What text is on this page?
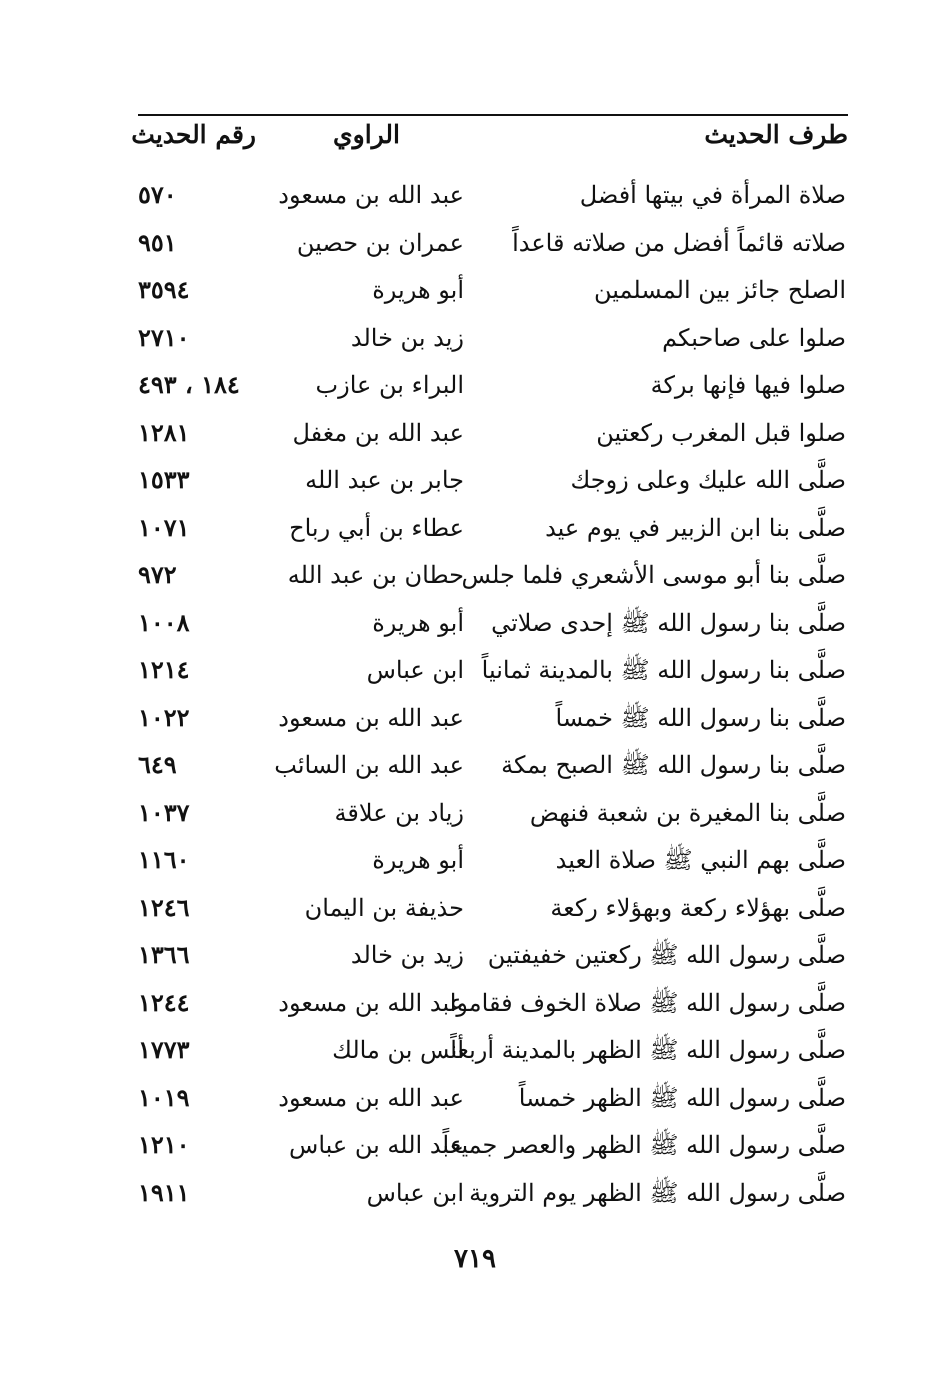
طرف الحديث
الراوي
رقم الحديث
صلاة المرأة في بيتها أفضل
عبد الله بن مسعود
٥٧٠
صلاته قائماً أفضل من صلاته قاعداً
عمران بن حصين
٩٥١
الصلح جائز بين المسلمين
أبو هريرة
٣٥٩٤
صلوا على صاحبكم
زيد بن خالد
٢٧١٠
صلوا فيها فإنها بركة
البراء بن عازب
١٨٤ ، ٤٩٣
صلوا قبل المغرب ركعتين
عبد الله بن مغفل
١٢٨١
صلَّى الله عليك وعلى زوجك
جابر بن عبد الله
١٥٣٣
صلَّى بنا ابن الزبير في يوم عيد
عطاء بن أبي رباح
١٠٧١
صلَّى بنا أبو موسى الأشعري فلما جلس
حطان بن عبد الله
٩٧٢
صلَّى بنا رسول الله ﷺ إحدى صلاتي
أبو هريرة
١٠٠٨
صلَّى بنا رسول الله ﷺ بالمدينة ثمانياً
ابن عباس
١٢١٤
صلَّى بنا رسول الله ﷺ خمساً
عبد الله بن مسعود
١٠٢٢
صلَّى بنا رسول الله ﷺ الصبح بمكة
عبد الله بن السائب
٦٤٩
صلَّى بنا المغيرة بن شعبة فنهض
زياد بن علاقة
١٠٣٧
صلَّى بهم النبي ﷺ صلاة العيد
أبو هريرة
١١٦٠
صلَّى بهؤلاء ركعة وبهؤلاء ركعة
حذيفة بن اليمان
١٢٤٦
صلَّى رسول الله ﷺ ركعتين خفيفتين
زيد بن خالد
١٣٦٦
صلَّى رسول الله ﷺ صلاة الخوف فقاموا
عبد الله بن مسعود
١٢٤٤
صلَّى رسول الله ﷺ الظهر بالمدينة أربعاً
أنس بن مالك
١٧٧٣
صلَّى رسول الله ﷺ الظهر خمساً
عبد الله بن مسعود
١٠١٩
صلَّى رسول الله ﷺ الظهر والعصر جميعاً
عبد الله بن عباس
١٢١٠
صلَّى رسول الله ﷺ الظهر يوم التروية
ابن عباس
١٩١١
٧١٩
